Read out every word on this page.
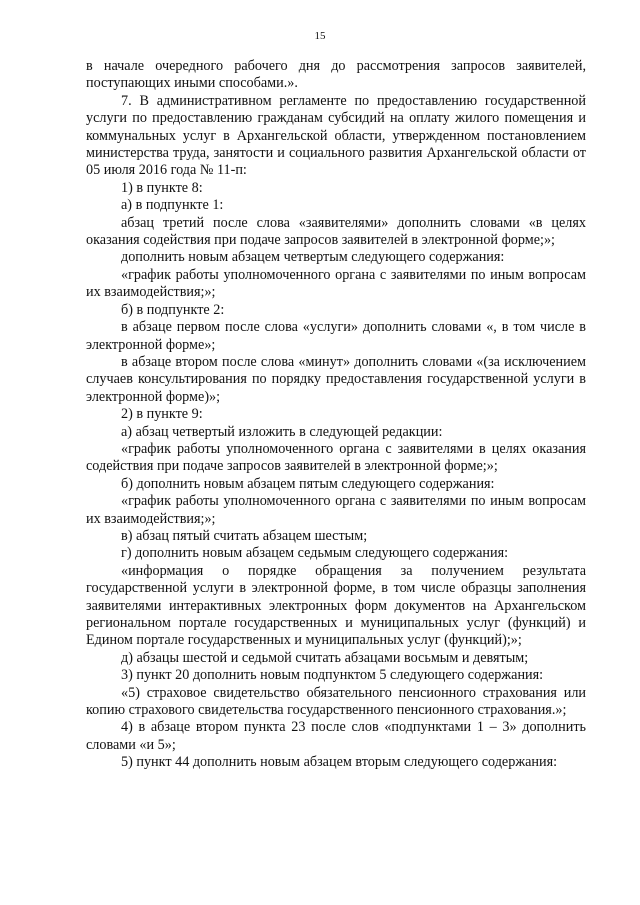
15

в начале очередного рабочего дня до рассмотрения запросов заявителей, поступающих иными способами.».

7. В административном регламенте по предоставлению государственной услуги по предоставлению гражданам субсидий на оплату жилого помещения и коммунальных услуг в Архангельской области, утвержденном постановлением министерства труда, занятости и социального развития Архангельской области от 05 июля 2016 года № 11-п:

1) в пункте 8:

а) в подпункте 1:

абзац третий после слова «заявителями» дополнить словами «в целях оказания содействия при подаче запросов заявителей в электронной форме;»;

дополнить новым абзацем четвертым следующего содержания:

«график работы уполномоченного органа с заявителями по иным вопросам их взаимодействия;»;

б) в подпункте 2:

в абзаце первом после слова «услуги» дополнить словами «, в том числе в электронной форме»;

в абзаце втором после слова «минут» дополнить словами «(за исключением случаев консультирования по порядку предоставления государственной услуги в электронной форме)»;

2) в пункте 9:

а) абзац четвертый изложить в следующей редакции:

«график работы уполномоченного органа с заявителями в целях оказания содействия при подаче запросов заявителей в электронной форме;»;

б) дополнить новым абзацем пятым следующего содержания:

«график работы уполномоченного органа с заявителями по иным вопросам их взаимодействия;»;

в) абзац пятый считать абзацем шестым;

г) дополнить новым абзацем седьмым следующего содержания:

«информация о порядке обращения за получением результата государственной услуги в электронной форме, в том числе образцы заполнения заявителями интерактивных электронных форм документов на Архангельском региональном портале государственных и муниципальных услуг (функций) и Едином портале государственных и муниципальных услуг (функций);»;

д) абзацы шестой и седьмой считать абзацами восьмым и девятым;

3) пункт 20 дополнить новым подпунктом 5 следующего содержания:

«5) страховое свидетельство обязательного пенсионного страхования или копию страхового свидетельства государственного пенсионного страхования.»;

4) в абзаце втором пункта 23 после слов «подпунктами 1 – 3» дополнить словами «и 5»;

5) пункт 44 дополнить новым абзацем вторым следующего содержания:
